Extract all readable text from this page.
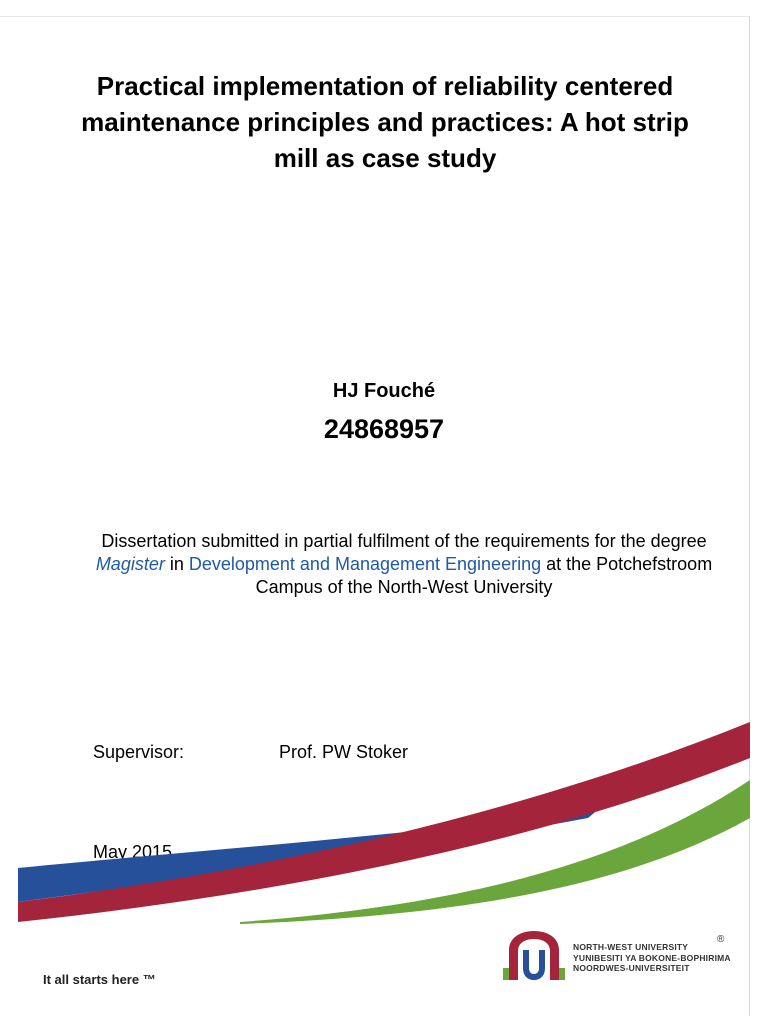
Practical implementation of reliability centered maintenance principles and practices: A hot strip mill as case study
HJ Fouché
24868957
Dissertation submitted in partial fulfilment of the requirements for the degree Magister in Development and Management Engineering at the Potchefstroom Campus of the North-West University
Supervisor:	Prof. PW Stoker
May 2015
It all starts here ™
NORTH-WEST UNIVERSITY
YUNIBESITI YA BOKONE-BOPHIRIMA
NOORDWES-UNIVERSITEIT
®
